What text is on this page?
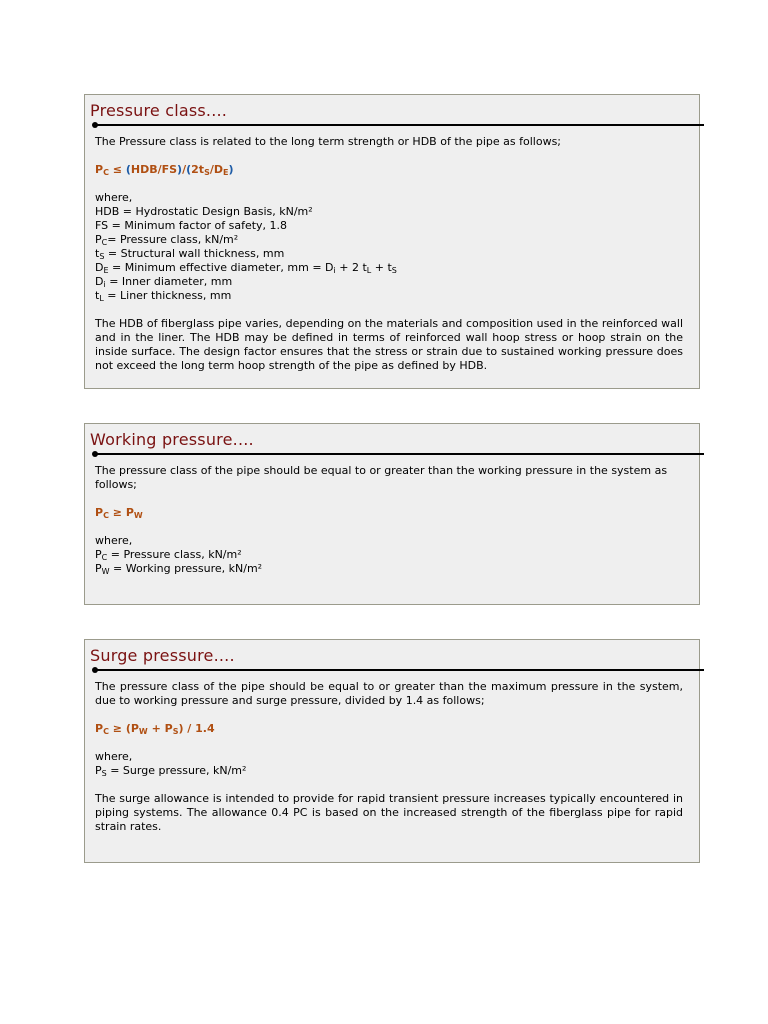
Pressure class....

The Pressure class is related to the long term strength or HDB of the pipe as follows;

$P_C \le (HDB/FS)/(2t_S/D_E)$

where,

HDB = Hydrostatic Design Basis, kN/m²

FS = Minimum factor of safety, 1.8

$P_C=$ Pressure class, kN/m²

$t_S$ = Structural wall thickness, mm

$D_E$ = Minimum effective diameter, mm = $D_i + 2$ $t_L + t_S$

$D_i$ = Inner diameter, mm

$t_L$ = Liner thickness, mm

The HDB of fiberglass pipe varies, depending on the materials and composition used in the reinforced wall and in the liner. The HDB may be defined in terms of reinforced wall hoop stress or hoop strain on the inside surface. The design factor ensures that the stress or strain due to sustained working pressure does not exceed the long term hoop strength of the pipe as defined by HDB.

Working pressure....

The pressure class of the pipe should be equal to or greater than the working pressure in the system as follows;

$P_C \ge P_W$

where,

$P_C$ = Pressure class, kN/m²

$P_W$ = Working pressure, kN/m²

Surge pressure....

The pressure class of the pipe should be equal to or greater than the maximum pressure in the system, due to working pressure and surge pressure, divided by 1.4 as follows;

$P_C \ge (P_W + P_S) / 1.4$

where,

$P_S$ = Surge pressure, kN/m²

The surge allowance is intended to provide for rapid transient pressure increases typically encountered in piping systems. The allowance 0.4 PC is based on the increased strength of the fiberglass pipe for rapid strain rates.
